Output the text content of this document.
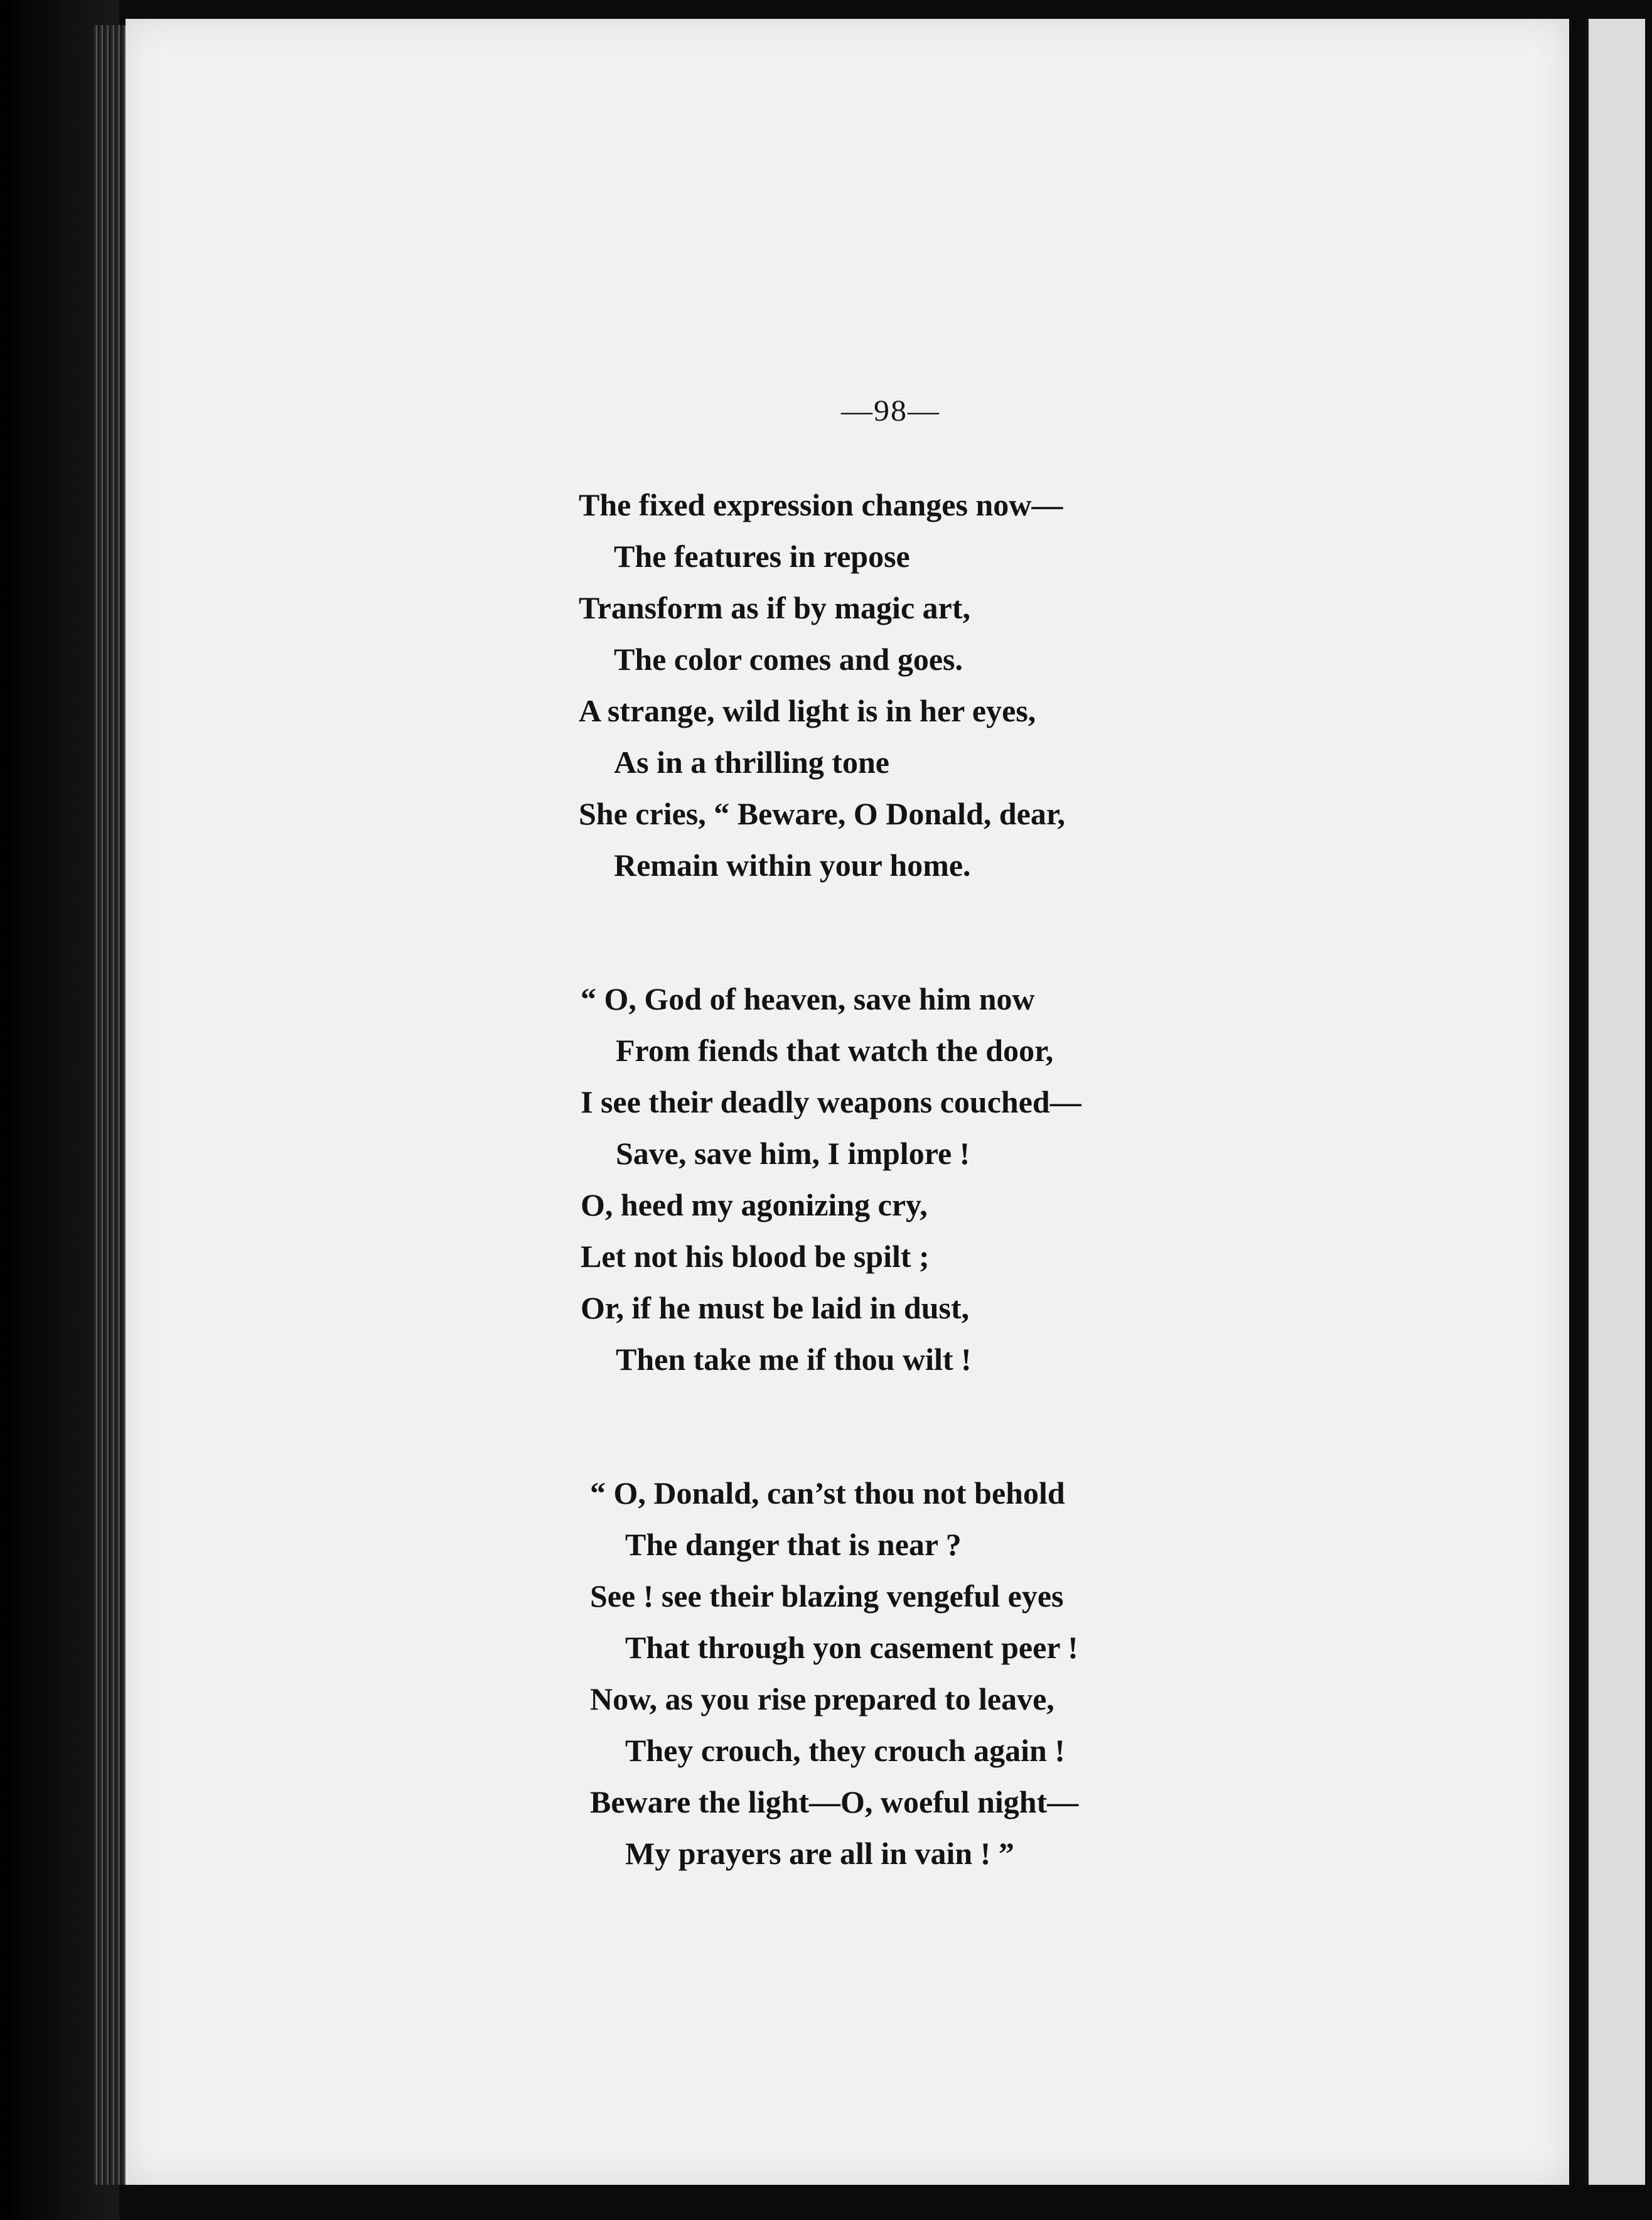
—98—
The fixed expression changes now—
The features in repose
Transform as if by magic art,
The color comes and goes.
A strange, wild light is in her eyes,
As in a thrilling tone
She cries, “ Beware, O Donald, dear,
Remain within your home.
“ O, God of heaven, save him now
From fiends that watch the door,
I see their deadly weapons couched—
Save, save him, I implore !
O, heed my agonizing cry,
Let not his blood be spilt ;
Or, if he must be laid in dust,
Then take me if thou wilt !
“ O, Donald, can’st thou not behold
The danger that is near ?
See ! see their blazing vengeful eyes
That through yon casement peer !
Now, as you rise prepared to leave,
They crouch, they crouch again !
Beware the light—O, woeful night—
My prayers are all in vain ! ”
